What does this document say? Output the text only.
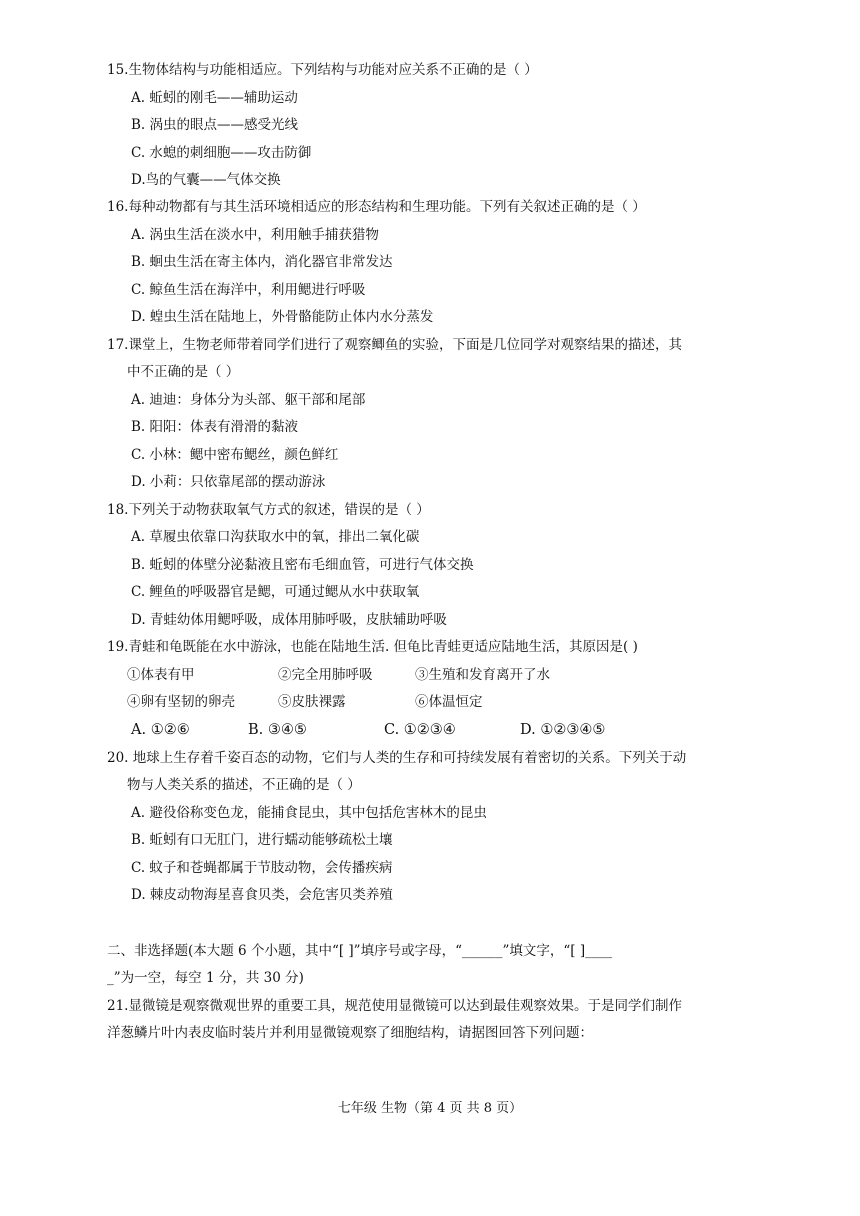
15.生物体结构与功能相适应。下列结构与功能对应关系不正确的是（ ）
A. 蚯蚓的刚毛——辅助运动
B. 涡虫的眼点——感受光线
C. 水螅的刺细胞——攻击防御
D.鸟的气囊——气体交换
16.每种动物都有与其生活环境相适应的形态结构和生理功能。下列有关叙述正确的是（ ）
A. 涡虫生活在淡水中，利用触手捕获猎物
B. 蛔虫生活在寄主体内，消化器官非常发达
C. 鲸鱼生活在海洋中，利用鳃进行呼吸
D. 蝗虫生活在陆地上，外骨骼能防止体内水分蒸发
17.课堂上，生物老师带着同学们进行了观察鲫鱼的实验，下面是几位同学对观察结果的描述，其
中不正确的是（ ）
A. 迪迪：身体分为头部、躯干部和尾部
B. 阳阳：体表有滑滑的黏液
C. 小林：鳃中密布鳃丝，颜色鲜红
D. 小莉：只依靠尾部的摆动游泳
18.下列关于动物获取氧气方式的叙述，错误的是（ ）
A. 草履虫依靠口沟获取水中的氧，排出二氧化碳
B. 蚯蚓的体壁分泌黏液且密布毛细血管，可进行气体交换
C. 鲤鱼的呼吸器官是鳃，可通过鳃从水中获取氧
D. 青蛙幼体用鳃呼吸，成体用肺呼吸，皮肤辅助呼吸
19.青蛙和龟既能在水中游泳，也能在陆地生活. 但龟比青蛙更适应陆地生活，其原因是( )
①体表有甲	②完全用肺呼吸	③生殖和发育离开了水
④卵有坚韧的卵壳	⑤皮肤裸露	⑥体温恒定
A. ①②⑥	B. ③④⑤	C. ①②③④	D. ①②③④⑤
20. 地球上生存着千姿百态的动物，它们与人类的生存和可持续发展有着密切的关系。下列关于动
物与人类关系的描述，不正确的是（ ）
A. 避役俗称变色龙，能捕食昆虫，其中包括危害林木的昆虫
B. 蚯蚓有口无肛门，进行蠕动能够疏松土壤
C. 蚊子和苍蝇都属于节肢动物，会传播疾病
D. 棘皮动物海星喜食贝类，会危害贝类养殖
二、非选择题(本大题 6 个小题，其中“[ ]”填序号或字母，“______”填文字，“[ ]____
_”为一空，每空 1 分，共 30 分)
21.显微镜是观察微观世界的重要工具，规范使用显微镜可以达到最佳观察效果。于是同学们制作
洋葱鳞片叶内表皮临时装片并利用显微镜观察了细胞结构，请据图回答下列问题：
七年级 生物（第 4 页 共 8 页）
